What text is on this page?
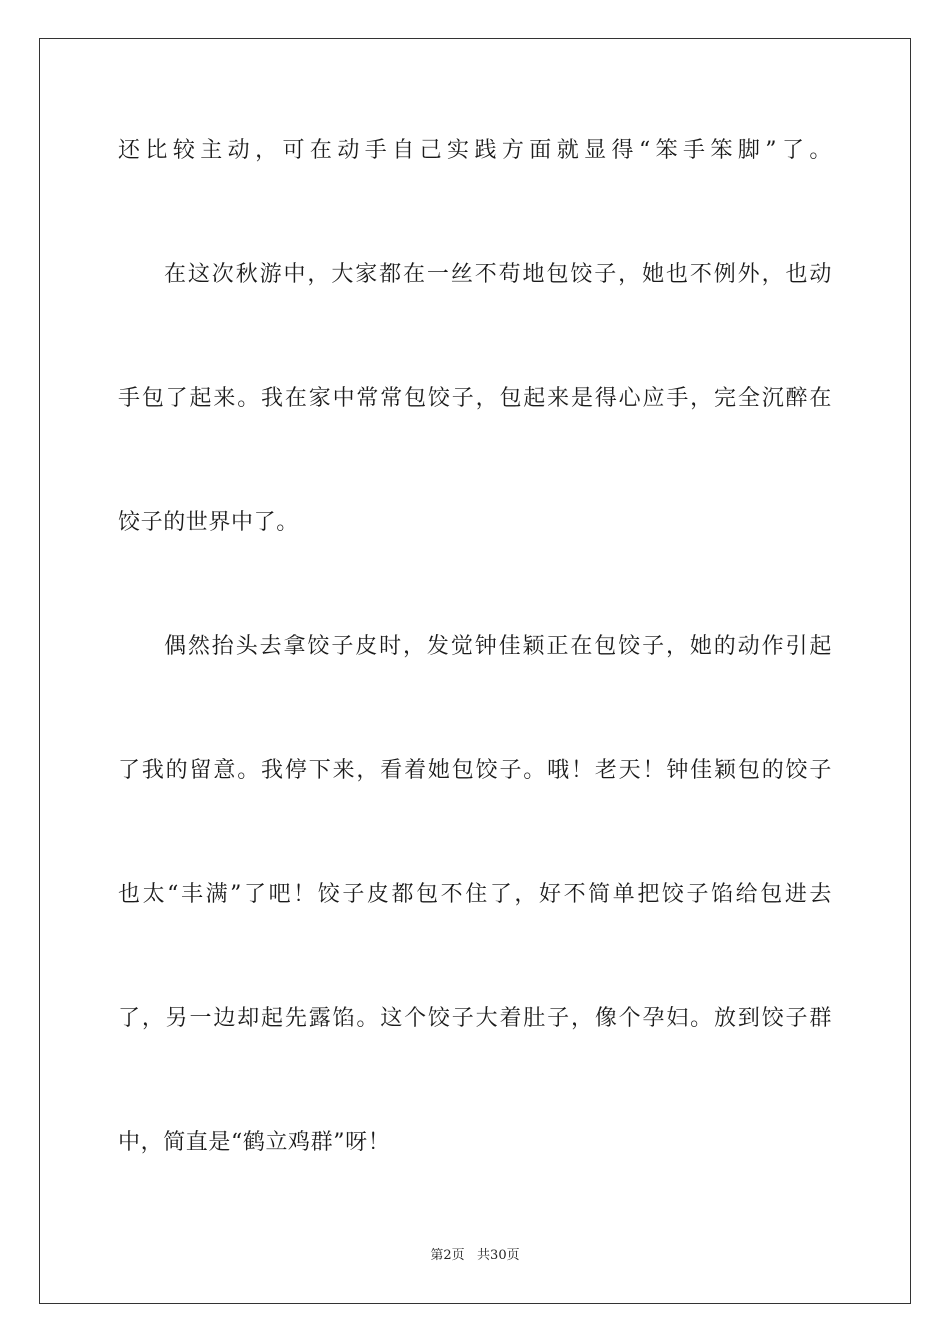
还比较主动，可在动手自己实践方面就显得“笨手笨脚”了。
在这次秋游中，大家都在一丝不苟地包饺子，她也不例外，也动
手包了起来。我在家中常常包饺子，包起来是得心应手，完全沉醉在
饺子的世界中了。
偶然抬头去拿饺子皮时，发觉钟佳颖正在包饺子，她的动作引起
了我的留意。我停下来，看着她包饺子。哦！老天！钟佳颖包的饺子
也太“丰满”了吧！饺子皮都包不住了，好不简单把饺子馅给包进去
了，另一边却起先露馅。这个饺子大着肚子，像个孕妇。放到饺子群
中，简直是“鹤立鸡群”呀！
第2页   共30页
